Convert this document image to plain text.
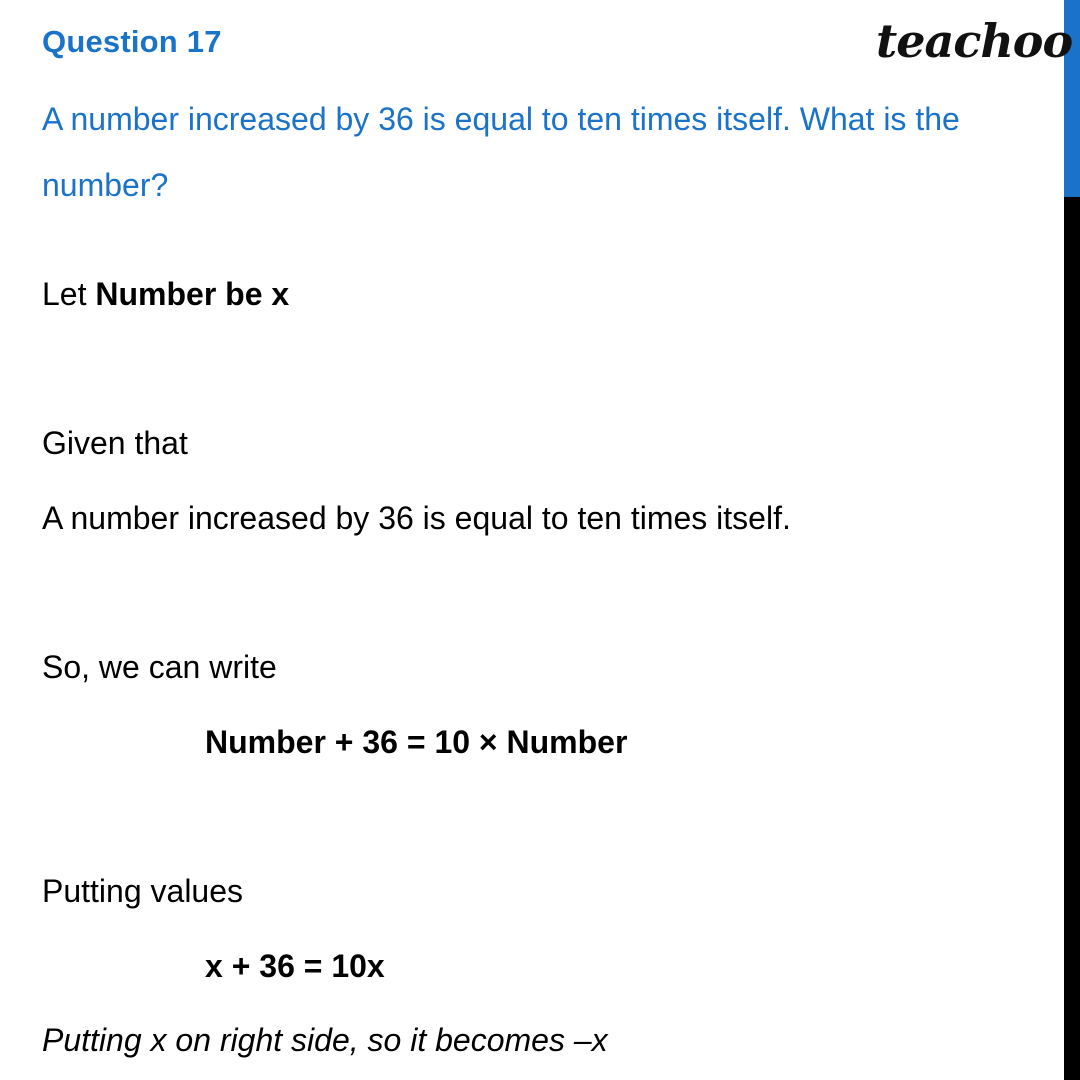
Question 17	teachoo
A number increased by 36 is equal to ten times itself. What is the number?
Let Number be x
Given that
A number increased by 36 is equal to ten times itself.
So, we can write
Number + 36 = 10 × Number
Putting values
x + 36 = 10x
Putting x on right side, so it becomes –x
